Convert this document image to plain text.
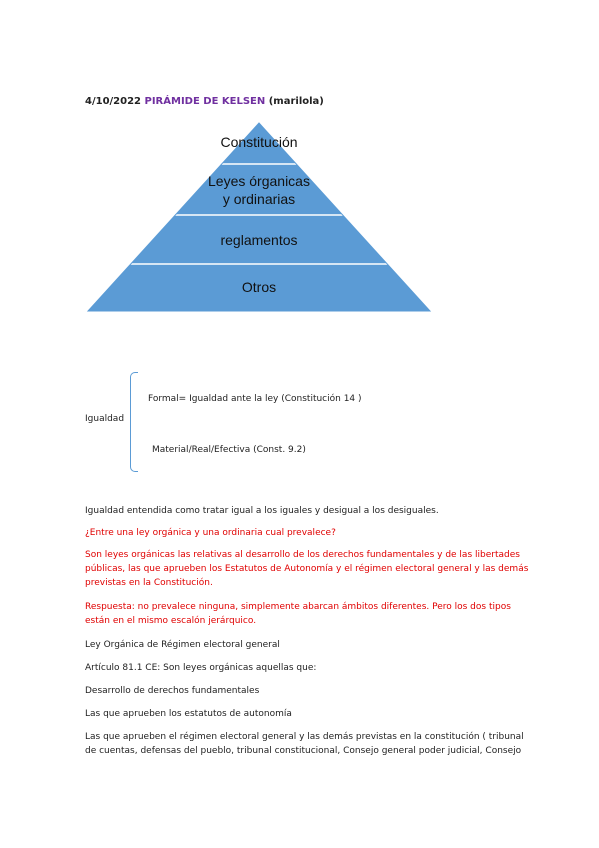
4/10/2022 PIRÁMIDE DE KELSEN (marilola)
Constitución
Leyes órganicas
y ordinarias
reglamentos
Otros
Igualdad
Formal= Igualdad ante la ley (Constitución 14 )
Material/Real/Efectiva (Const. 9.2)
Igualdad entendida como tratar igual a los iguales y desigual a los desiguales.
¿Entre una ley orgánica y una ordinaria cual prevalece?
Son leyes orgánicas las relativas al desarrollo de los derechos fundamentales y de las libertades
públicas, las que aprueben los Estatutos de Autonomía y el régimen electoral general y las demás
previstas en la Constitución.
Respuesta: no prevalece ninguna, simplemente abarcan ámbitos diferentes. Pero los dos tipos
están en el mismo escalón jerárquico.
Ley Orgánica de Régimen electoral general
Artículo 81.1 CE: Son leyes orgánicas aquellas que:
Desarrollo de derechos fundamentales
Las que aprueben los estatutos de autonomía
Las que aprueben el régimen electoral general y las demás previstas en la constitución ( tribunal
de cuentas, defensas del pueblo, tribunal constitucional, Consejo general poder judicial, Consejo
